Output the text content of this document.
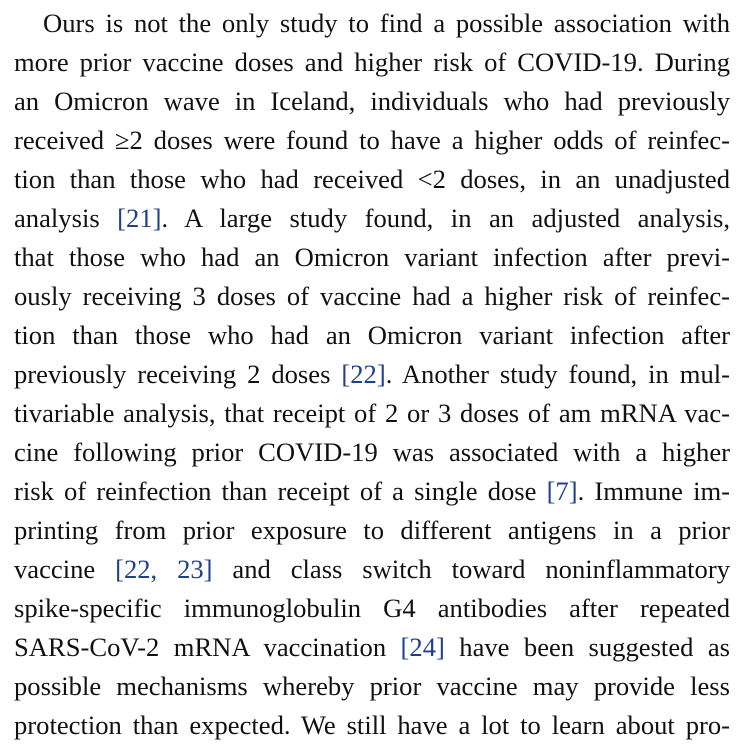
Ours is not the only study to find a possible association with
more prior vaccine doses and higher risk of COVID-19. During
an Omicron wave in Iceland, individuals who had previously
received ≥2 doses were found to have a higher odds of reinfec-
tion than those who had received <2 doses, in an unadjusted
analysis [21]. A large study found, in an adjusted analysis,
that those who had an Omicron variant infection after previ-
ously receiving 3 doses of vaccine had a higher risk of reinfec-
tion than those who had an Omicron variant infection after
previously receiving 2 doses [22]. Another study found, in mul-
tivariable analysis, that receipt of 2 or 3 doses of am mRNA vac-
cine following prior COVID-19 was associated with a higher
risk of reinfection than receipt of a single dose [7]. Immune im-
printing from prior exposure to different antigens in a prior
vaccine [22, 23] and class switch toward noninflammatory
spike-specific immunoglobulin G4 antibodies after repeated
SARS-CoV-2 mRNA vaccination [24] have been suggested as
possible mechanisms whereby prior vaccine may provide less
protection than expected. We still have a lot to learn about pro-
